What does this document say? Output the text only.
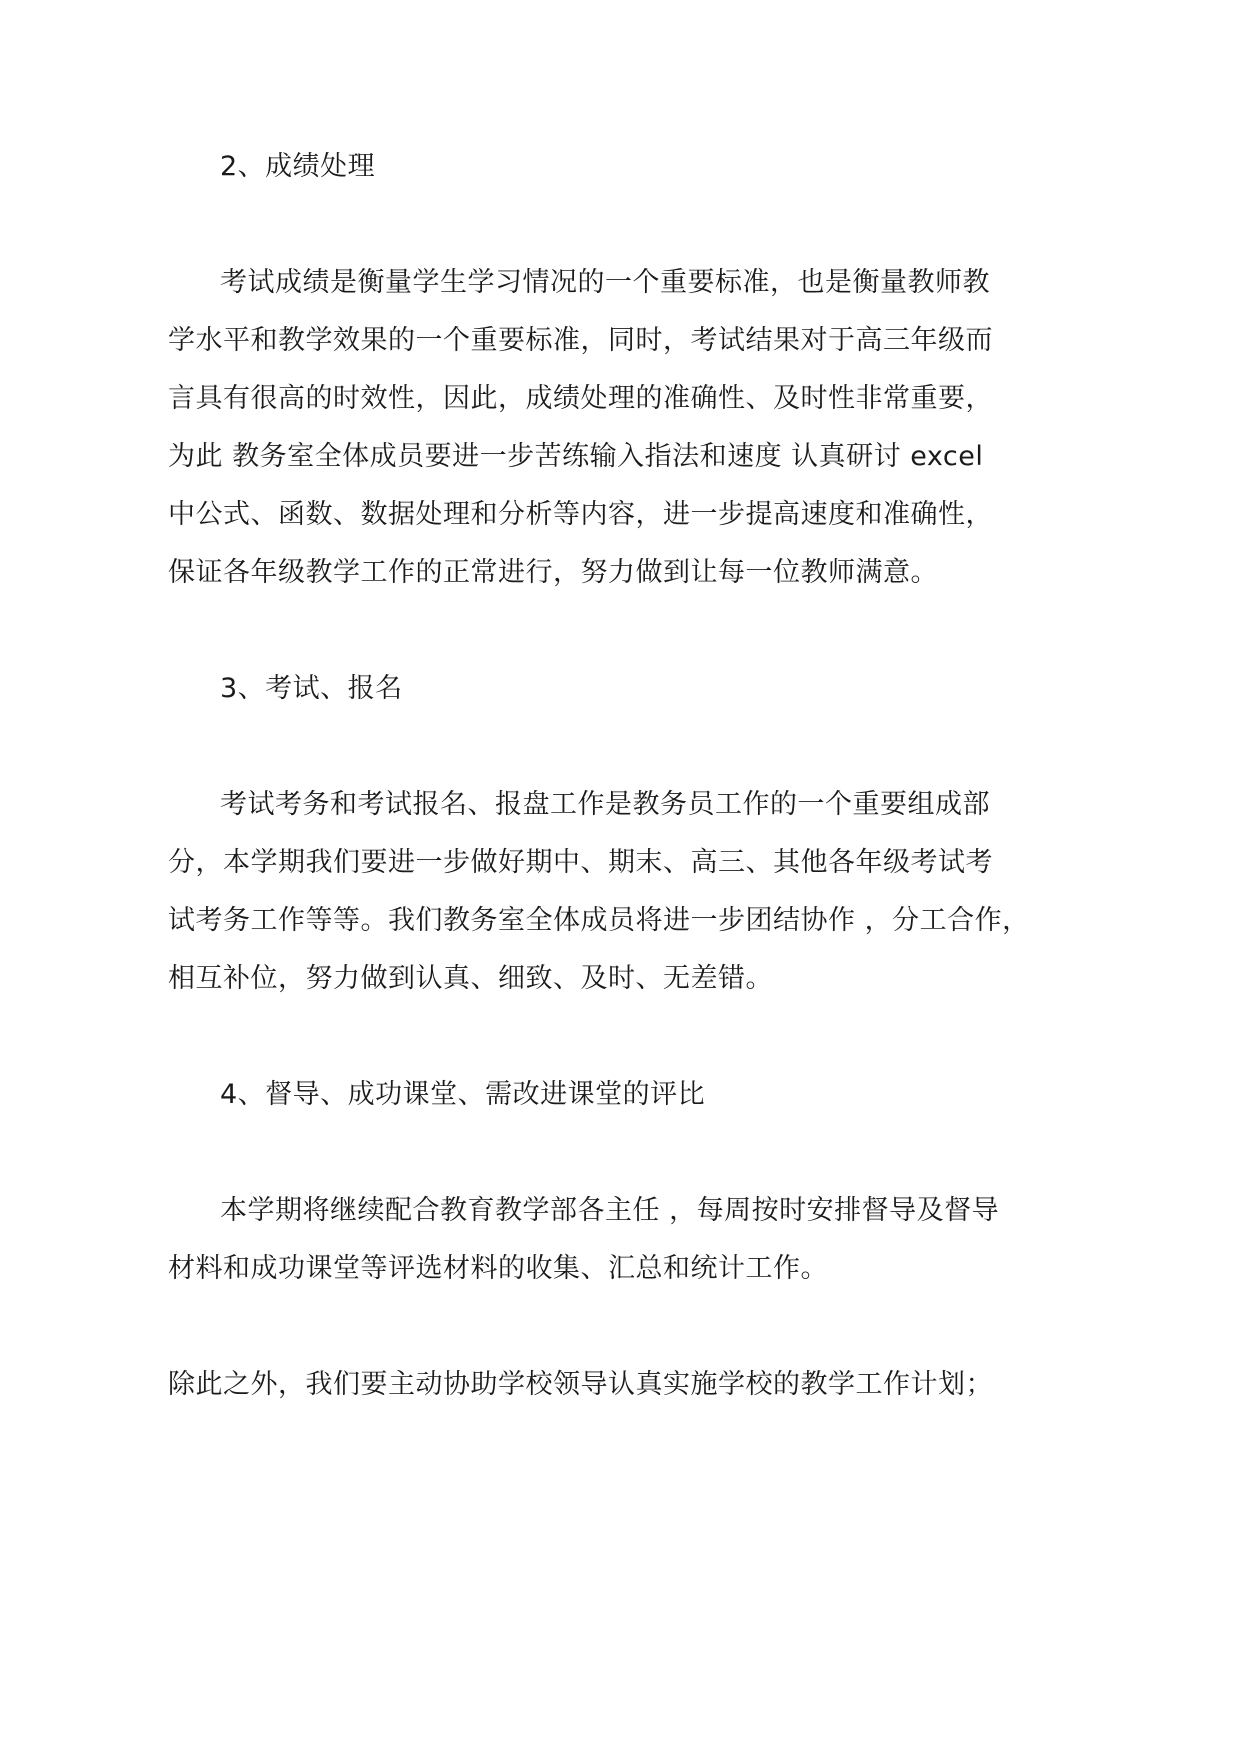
2、成绩处理
考试成绩是衡量学生学习情况的一个重要标准，也是衡量教师教
学水平和教学效果的一个重要标准，同时，考试结果对于高三年级而
言具有很高的时效性，因此，成绩处理的准确性、及时性非常重要，
为此 教务室全体成员要进一步苦练输入指法和速度 认真研讨 excel
中公式、函数、数据处理和分析等内容，进一步提高速度和准确性，
保证各年级教学工作的正常进行，努力做到让每一位教师满意。
3、考试、报名
考试考务和考试报名、报盘工作是教务员工作的一个重要组成部
分，本学期我们要进一步做好期中、期末、高三、其他各年级考试考
试考务工作等等。我们教务室全体成员将进一步团结协作 ，分工合作，
相互补位，努力做到认真、细致、及时、无差错。
4、督导、成功课堂、需改进课堂的评比
本学期将继续配合教育教学部各主任 ，每周按时安排督导及督导
材料和成功课堂等评选材料的收集、汇总和统计工作。
除此之外，我们要主动协助学校领导认真实施学校的教学工作计划；
